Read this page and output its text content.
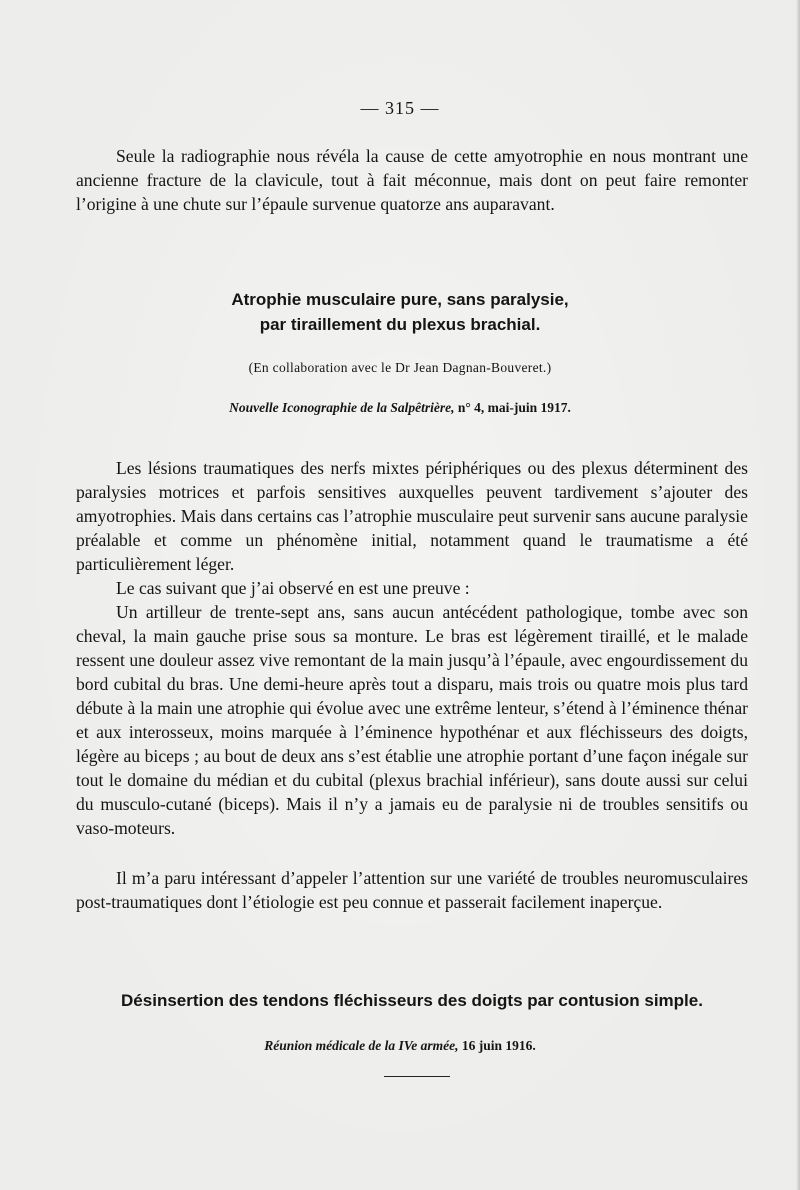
— 315 —

Seule la radiographie nous révéla la cause de cette amyotrophie en nous montrant une ancienne fracture de la clavicule, tout à fait méconnue, mais dont on peut faire remonter l’origine à une chute sur l’épaule survenue quatorze ans auparavant.

Atrophie musculaire pure, sans paralysie,
par tiraillement du plexus brachial.
(En collaboration avec le Dr Jean Dagnan-Bouveret.)
Nouvelle Iconographie de la Salpêtrière, n° 4, mai-juin 1917.

Les lésions traumatiques des nerfs mixtes périphériques ou des plexus déterminent des paralysies motrices et parfois sensitives auxquelles peuvent tardivement s’ajouter des amyotrophies. Mais dans certains cas l’atrophie musculaire peut survenir sans aucune paralysie préalable et comme un phénomène initial, notamment quand le traumatisme a été particulièrement léger.

Le cas suivant que j’ai observé en est une preuve :

Un artilleur de trente-sept ans, sans aucun antécédent pathologique, tombe avec son cheval, la main gauche prise sous sa monture. Le bras est légèrement tiraillé, et le malade ressent une douleur assez vive remontant de la main jusqu’à l’épaule, avec engourdissement du bord cubital du bras. Une demi-heure après tout a disparu, mais trois ou quatre mois plus tard débute à la main une atrophie qui évolue avec une extrême lenteur, s’étend à l’éminence thénar et aux interosseux, moins marquée à l’éminence hypothénar et aux fléchisseurs des doigts, légère au biceps ; au bout de deux ans s’est établie une atrophie portant d’une façon inégale sur tout le domaine du médian et du cubital (plexus brachial inférieur), sans doute aussi sur celui du musculo-cutané (biceps). Mais il n’y a jamais eu de paralysie ni de troubles sensitifs ou vaso-moteurs.

Il m’a paru intéressant d’appeler l’attention sur une variété de troubles neuromusculaires post-traumatiques dont l’étiologie est peu connue et passerait facilement inaperçue.

Désinsertion des tendons fléchisseurs des doigts par contusion simple.
Réunion médicale de la IVe armée, 16 juin 1916.
